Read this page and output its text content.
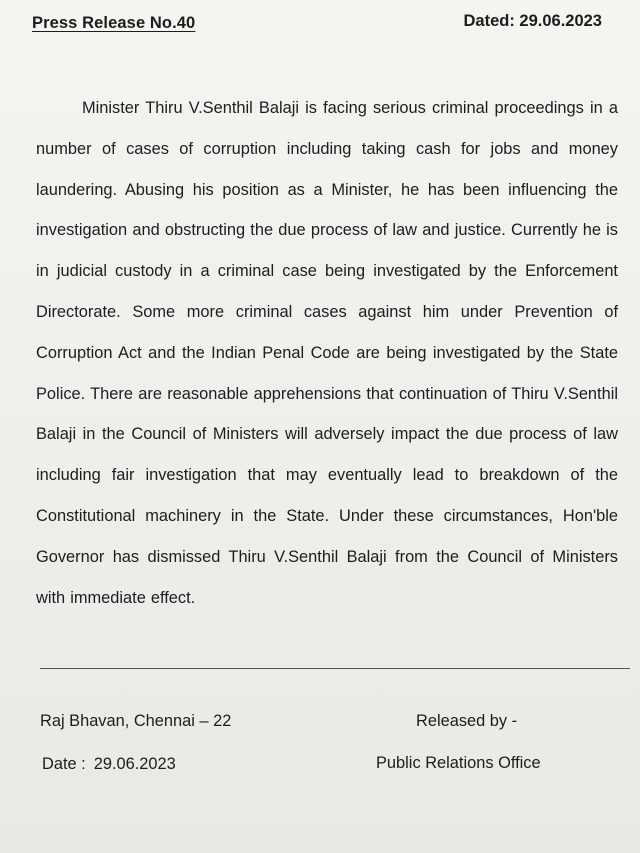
Press Release No.40	Dated: 29.06.2023

Minister Thiru V.Senthil Balaji is facing serious criminal proceedings in a number of cases of corruption including taking cash for jobs and money laundering. Abusing his position as a Minister, he has been influencing the investigation and obstructing the due process of law and justice. Currently he is in judicial custody in a criminal case being investigated by the Enforcement Directorate. Some more criminal cases against him under Prevention of Corruption Act and the Indian Penal Code are being investigated by the State Police. There are reasonable apprehensions that continuation of Thiru V.Senthil Balaji in the Council of Ministers will adversely impact the due process of law including fair investigation that may eventually lead to breakdown of the Constitutional machinery in the State. Under these circumstances, Hon'ble Governor has dismissed Thiru V.Senthil Balaji from the Council of Ministers with immediate effect.

Raj Bhavan, Chennai – 22
Date : 29.06.2023
Released by -
Public Relations Office
